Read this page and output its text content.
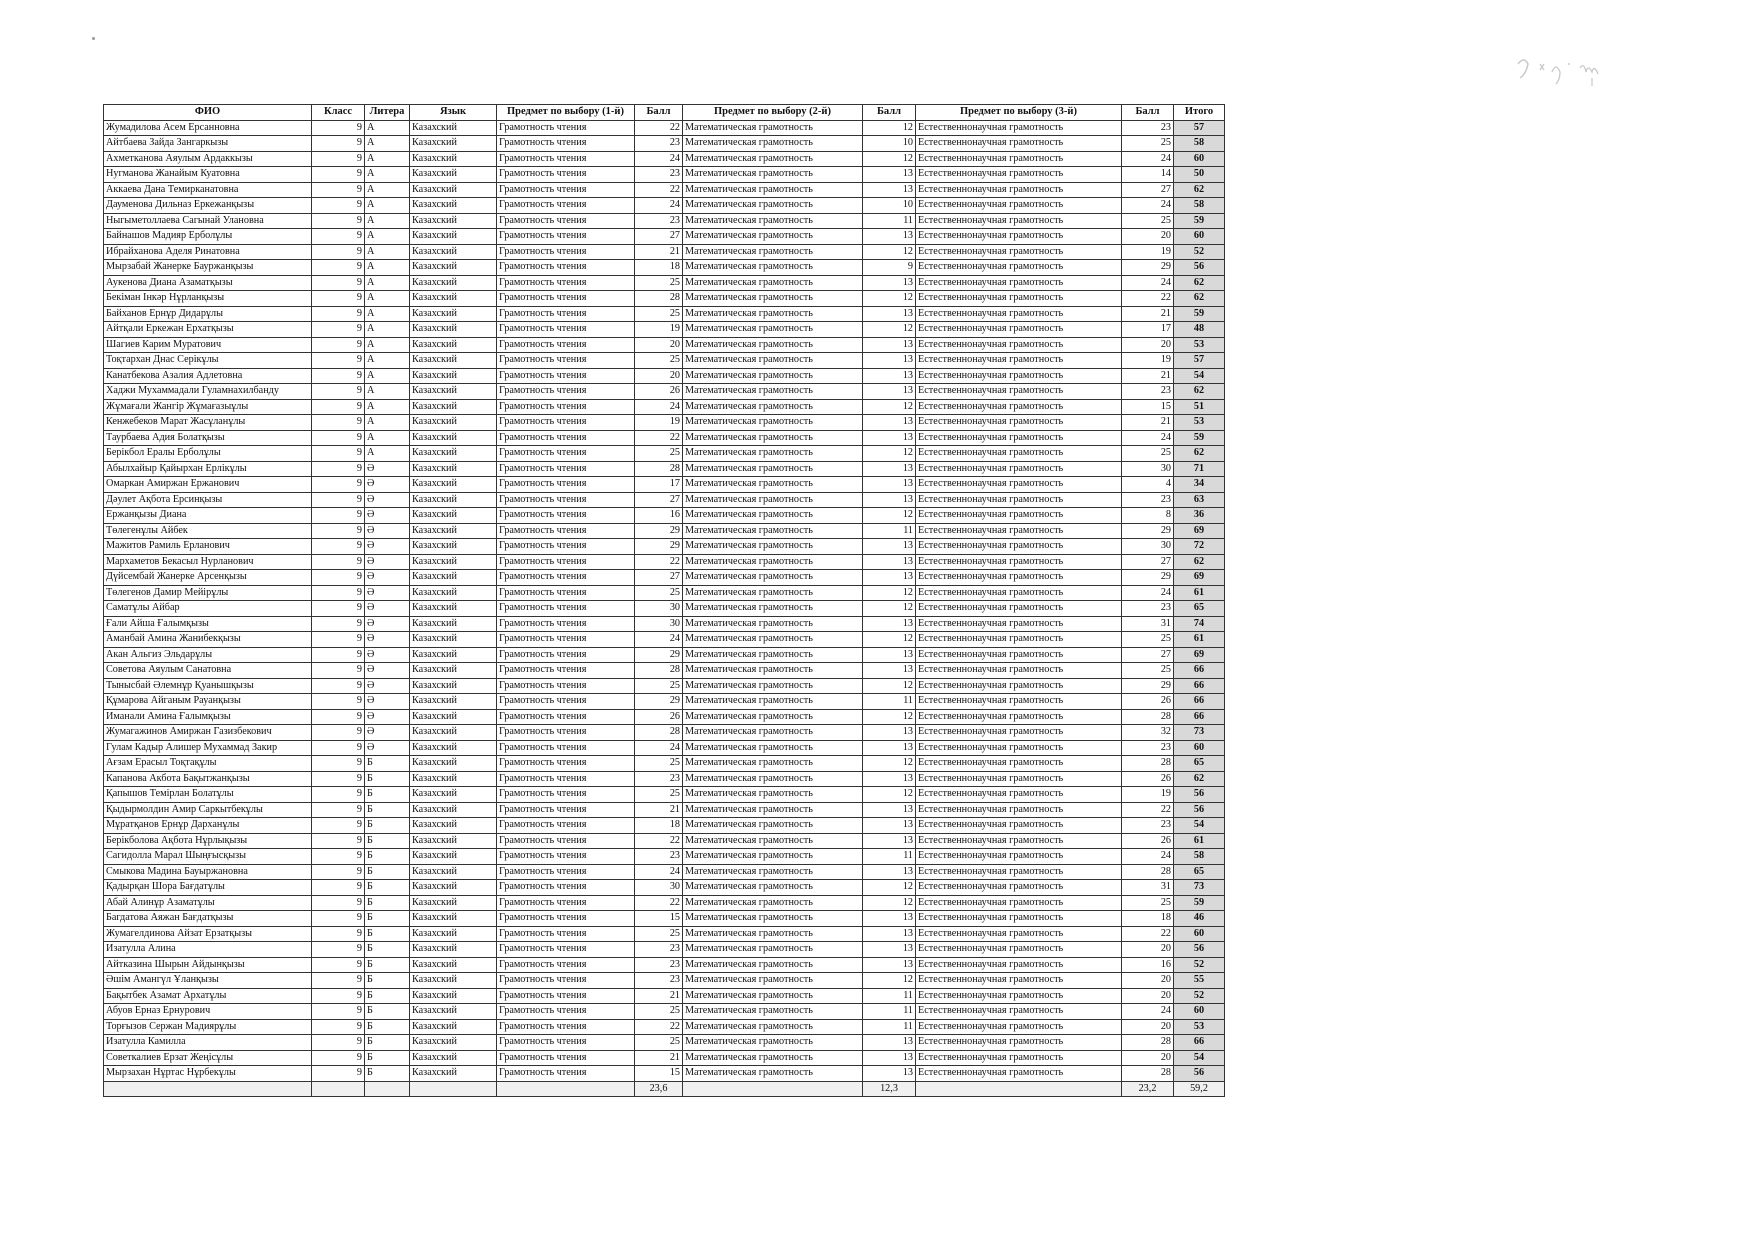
ФИО	Класс	Литера	Язык	Предмет по выбору (1-й)	Балл	Предмет по выбору (2-й)	Балл	Предмет по выбору (3-й)	Балл	Итого
Жумадилова Асем Ерсанновна	9	А	Казахский	Грамотность чтения	22	Математическая грамотность	12	Естественнонаучная грамотность	23	57
Айтбаева Зайда Зангаркызы	9	А	Казахский	Грамотность чтения	23	Математическая грамотность	10	Естественнонаучная грамотность	25	58
Ахметканова Аяулым Ардаккызы	9	А	Казахский	Грамотность чтения	24	Математическая грамотность	12	Естественнонаучная грамотность	24	60
Нугманова Жанайым Куатовна	9	А	Казахский	Грамотность чтения	23	Математическая грамотность	13	Естественнонаучная грамотность	14	50
Аккаева Дана Темирканатовна	9	А	Казахский	Грамотность чтения	22	Математическая грамотность	13	Естественнонаучная грамотность	27	62
Дауменова Дильназ Еркежанқызы	9	А	Казахский	Грамотность чтения	24	Математическая грамотность	10	Естественнонаучная грамотность	24	58
Ныгыметоллаева Сагынай Улановна	9	А	Казахский	Грамотность чтения	23	Математическая грамотность	11	Естественнонаучная грамотность	25	59
Байнашов Мадияр Ерболұлы	9	А	Казахский	Грамотность чтения	27	Математическая грамотность	13	Естественнонаучная грамотность	20	60
Ибрайханова Аделя Ринатовна	9	А	Казахский	Грамотность чтения	21	Математическая грамотность	12	Естественнонаучная грамотность	19	52
Мырзабай Жанерке Бауржанқызы	9	А	Казахский	Грамотность чтения	18	Математическая грамотность	9	Естественнонаучная грамотность	29	56
Аукенова Диана Азаматқызы	9	А	Казахский	Грамотность чтения	25	Математическая грамотность	13	Естественнонаучная грамотность	24	62
Бекіман Інкәр Нұрланқызы	9	А	Казахский	Грамотность чтения	28	Математическая грамотность	12	Естественнонаучная грамотность	22	62
Байханов Ернұр Дидарұлы	9	А	Казахский	Грамотность чтения	25	Математическая грамотность	13	Естественнонаучная грамотность	21	59
Айтқали Еркежан Ерхатқызы	9	А	Казахский	Грамотность чтения	19	Математическая грамотность	12	Естественнонаучная грамотность	17	48
Шагиев Карим Муратович	9	А	Казахский	Грамотность чтения	20	Математическая грамотность	13	Естественнонаучная грамотность	20	53
Тоқтархан Днас Серікұлы	9	А	Казахский	Грамотность чтения	25	Математическая грамотность	13	Естественнонаучная грамотность	19	57
Канатбекова Азалия Адлетовна	9	А	Казахский	Грамотность чтения	20	Математическая грамотность	13	Естественнонаучная грамотность	21	54
Хаджи Мухаммадали Гуламнахилбанду	9	А	Казахский	Грамотность чтения	26	Математическая грамотность	13	Естественнонаучная грамотность	23	62
Жұмағали Жангір Жұмағазыұлы	9	А	Казахский	Грамотность чтения	24	Математическая грамотность	12	Естественнонаучная грамотность	15	51
Кенжебеков Марат Жасұланұлы	9	А	Казахский	Грамотность чтения	19	Математическая грамотность	13	Естественнонаучная грамотность	21	53
Таурбаева Адия Болатқызы	9	А	Казахский	Грамотность чтения	22	Математическая грамотность	13	Естественнонаучная грамотность	24	59
Берікбол Ералы Ерболұлы	9	А	Казахский	Грамотность чтения	25	Математическая грамотность	12	Естественнонаучная грамотность	25	62
Абылхайыр Қайырхан Ерлікұлы	9	Ә	Казахский	Грамотность чтения	28	Математическая грамотность	13	Естественнонаучная грамотность	30	71
Омаркан Амиржан Ержанович	9	Ә	Казахский	Грамотность чтения	17	Математическая грамотность	13	Естественнонаучная грамотность	4	34
Дәулет Ақбота Ерсинқызы	9	Ә	Казахский	Грамотность чтения	27	Математическая грамотность	13	Естественнонаучная грамотность	23	63
Ержанқызы Диана	9	Ә	Казахский	Грамотность чтения	16	Математическая грамотность	12	Естественнонаучная грамотность	8	36
Төлегенұлы Айбек	9	Ә	Казахский	Грамотность чтения	29	Математическая грамотность	11	Естественнонаучная грамотность	29	69
Мажитов Рамиль Ерланович	9	Ә	Казахский	Грамотность чтения	29	Математическая грамотность	13	Естественнонаучная грамотность	30	72
Мархаметов Бекасыл Нурланович	9	Ә	Казахский	Грамотность чтения	22	Математическая грамотность	13	Естественнонаучная грамотность	27	62
Дүйсембай Жанерке Арсенқызы	9	Ә	Казахский	Грамотность чтения	27	Математическая грамотность	13	Естественнонаучная грамотность	29	69
Төлегенов Дамир Мейірұлы	9	Ә	Казахский	Грамотность чтения	25	Математическая грамотность	12	Естественнонаучная грамотность	24	61
Саматұлы Айбар	9	Ә	Казахский	Грамотность чтения	30	Математическая грамотность	12	Естественнонаучная грамотность	23	65
Ғали Айша Ғалымқызы	9	Ә	Казахский	Грамотность чтения	30	Математическая грамотность	13	Естественнонаучная грамотность	31	74
Аманбай Амина Жанибекқызы	9	Ә	Казахский	Грамотность чтения	24	Математическая грамотность	12	Естественнонаучная грамотность	25	61
Акан Альгиз Эльдарұлы	9	Ә	Казахский	Грамотность чтения	29	Математическая грамотность	13	Естественнонаучная грамотность	27	69
Советова Аяулым Санатовна	9	Ә	Казахский	Грамотность чтения	28	Математическая грамотность	13	Естественнонаучная грамотность	25	66
Тыныcбай Әлемнұр Қуанышқызы	9	Ә	Казахский	Грамотность чтения	25	Математическая грамотность	12	Естественнонаучная грамотность	29	66
Құмарова Айганым Рауанқызы	9	Ә	Казахский	Грамотность чтения	29	Математическая грамотность	11	Естественнонаучная грамотность	26	66
Иманали Амина Ғалымқызы	9	Ә	Казахский	Грамотность чтения	26	Математическая грамотность	12	Естественнонаучная грамотность	28	66
Жумагажинов Амиржан Газизбекович	9	Ә	Казахский	Грамотность чтения	28	Математическая грамотность	13	Естественнонаучная грамотность	32	73
Гулам Кадыр Алишер Мухаммад Закир	9	Ә	Казахский	Грамотность чтения	24	Математическая грамотность	13	Естественнонаучная грамотность	23	60
Ағзам Ерасыл Тоқтақұлы	9	Б	Казахский	Грамотность чтения	25	Математическая грамотность	12	Естественнонаучная грамотность	28	65
Капанова Акбота Бақытжанқызы	9	Б	Казахский	Грамотность чтения	23	Математическая грамотность	13	Естественнонаучная грамотность	26	62
Қапышов Темірлан Болатұлы	9	Б	Казахский	Грамотность чтения	25	Математическая грамотность	12	Естественнонаучная грамотность	19	56
Қыдырмолдин Амир Саркытбекұлы	9	Б	Казахский	Грамотность чтения	21	Математическая грамотность	13	Естественнонаучная грамотность	22	56
Мұратқанов Ернұр Дарханұлы	9	Б	Казахский	Грамотность чтения	18	Математическая грамотность	13	Естественнонаучная грамотность	23	54
Берікболова Ақбота Нұрлықызы	9	Б	Казахский	Грамотность чтения	22	Математическая грамотность	13	Естественнонаучная грамотность	26	61
Сагидолла Марал Шыңғысқызы	9	Б	Казахский	Грамотность чтения	23	Математическая грамотность	11	Естественнонаучная грамотность	24	58
Смыкова Мадина Бауыржановна	9	Б	Казахский	Грамотность чтения	24	Математическая грамотность	13	Естественнонаучная грамотность	28	65
Қадырқан Шора Бағдатұлы	9	Б	Казахский	Грамотность чтения	30	Математическая грамотность	12	Естественнонаучная грамотность	31	73
Абай Алинұр Азаматұлы	9	Б	Казахский	Грамотность чтения	22	Математическая грамотность	12	Естественнонаучная грамотность	25	59
Багдатова Аяжан Бағдатқызы	9	Б	Казахский	Грамотность чтения	15	Математическая грамотность	13	Естественнонаучная грамотность	18	46
Жумагелдинова Айзат Ерзатқызы	9	Б	Казахский	Грамотность чтения	25	Математическая грамотность	13	Естественнонаучная грамотность	22	60
Изатулла Алина	9	Б	Казахский	Грамотность чтения	23	Математическая грамотность	13	Естественнонаучная грамотность	20	56
Айтказина Шырын Айдынқызы	9	Б	Казахский	Грамотность чтения	23	Математическая грамотность	13	Естественнонаучная грамотность	16	52
Әшім Амангүл Ұланқызы	9	Б	Казахский	Грамотность чтения	23	Математическая грамотность	12	Естественнонаучная грамотность	20	55
Бақытбек Азамат Архатұлы	9	Б	Казахский	Грамотность чтения	21	Математическая грамотность	11	Естественнонаучная грамотность	20	52
Абуов Ерназ Ернурович	9	Б	Казахский	Грамотность чтения	25	Математическая грамотность	11	Естественнонаучная грамотность	24	60
Торғызов Сержан Мадиярұлы	9	Б	Казахский	Грамотность чтения	22	Математическая грамотность	11	Естественнонаучная грамотность	20	53
Изатулла Камилла	9	Б	Казахский	Грамотность чтения	25	Математическая грамотность	13	Естественнонаучная грамотность	28	66
Советкалиев Ерзат Жеңісұлы	9	Б	Казахский	Грамотность чтения	21	Математическая грамотность	13	Естественнонаучная грамотность	20	54
Мырзахан Нұртас Нұрбекұлы	9	Б	Казахский	Грамотность чтения	15	Математическая грамотность	13	Естественнонаучная грамотность	28	56
					23,6		12,3		23,2	59,2
